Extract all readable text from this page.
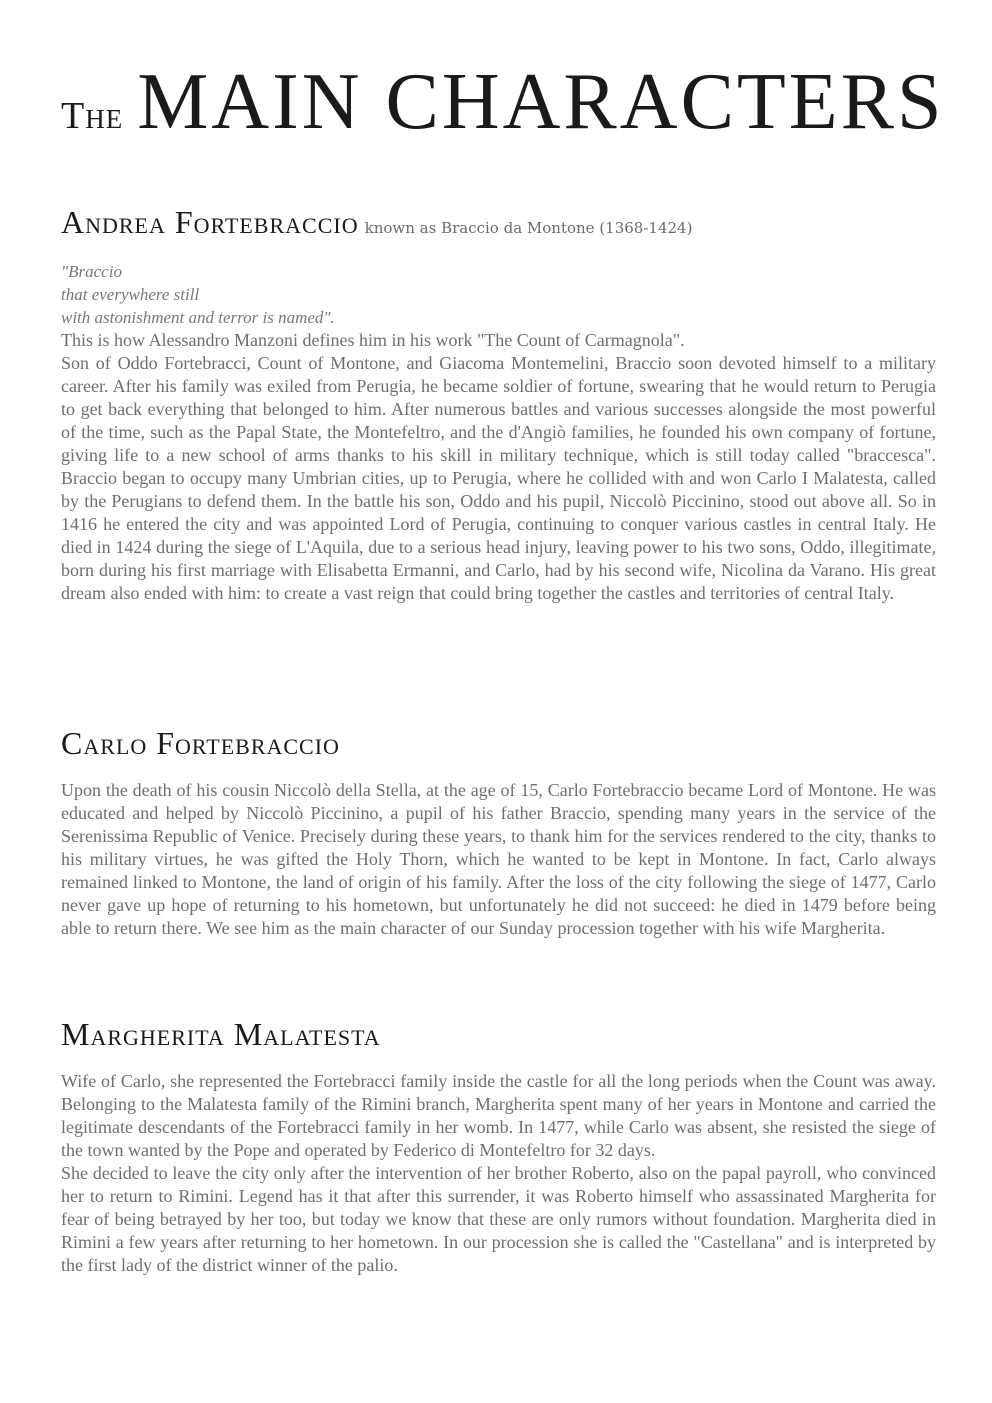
The MAIN CHARACTERS
Andrea Fortebraccio known as Braccio da Montone (1368-1424)
"Braccio
that everywhere still
with astonishment and terror is named".

This is how Alessandro Manzoni defines him in his work "The Count of Carmagnola".

Son of Oddo Fortebracci, Count of Montone, and Giacoma Montemelini, Braccio soon devoted himself to a military career. After his family was exiled from Perugia, he became soldier of fortune, swearing that he would return to Perugia to get back everything that belonged to him. After numerous battles and various successes alongside the most powerful of the time, such as the Papal State, the Montefeltro, and the d'Angiò families, he founded his own company of fortune, giving life to a new school of arms thanks to his skill in military technique, which is still today called "braccesca". Braccio began to occupy many Umbrian cities, up to Perugia, where he collided with and won Carlo I Malatesta, called by the Perugians to defend them. In the battle his son, Oddo and his pupil, Niccolò Piccinino, stood out above all. So in 1416 he entered the city and was appointed Lord of Perugia, continuing to conquer various castles in central Italy. He died in 1424 during the siege of L'Aquila, due to a serious head injury, leaving power to his two sons, Oddo, illegitimate, born during his first marriage with Elisabetta Ermanni, and Carlo, had by his second wife, Nicolina da Varano. His great dream also ended with him: to create a vast reign that could bring together the castles and territories of central Italy.

Carlo Fortebraccio

Upon the death of his cousin Niccolò della Stella, at the age of 15, Carlo Fortebraccio became Lord of Montone. He was educated and helped by Niccolò Piccinino, a pupil of his father Braccio, spending many years in the service of the Serenissima Republic of Venice. Precisely during these years, to thank him for the services rendered to the city, thanks to his military virtues, he was gifted the Holy Thorn, which he wanted to be kept in Montone. In fact, Carlo always remained linked to Montone, the land of origin of his family. After the loss of the city following the siege of 1477, Carlo never gave up hope of returning to his hometown, but unfortunately he did not succeed: he died in 1479 before being able to return there. We see him as the main character of our Sunday procession together with his wife Margherita.

Margherita Malatesta

Wife of Carlo, she represented the Fortebracci family inside the castle for all the long periods when the Count was away. Belonging to the Malatesta family of the Rimini branch, Margherita spent many of her years in Montone and carried the legitimate descendants of the Fortebracci family in her womb. In 1477, while Carlo was absent, she resisted the siege of the town wanted by the Pope and operated by Federico di Montefeltro for 32 days.

She decided to leave the city only after the intervention of her brother Roberto, also on the papal payroll, who convinced her to return to Rimini. Legend has it that after this surrender, it was Roberto himself who assassinated Margherita for fear of being betrayed by her too, but today we know that these are only rumors without foundation. Margherita died in Rimini a few years after returning to her hometown. In our procession she is called the "Castellana" and is interpreted by the first lady of the district winner of the palio.
